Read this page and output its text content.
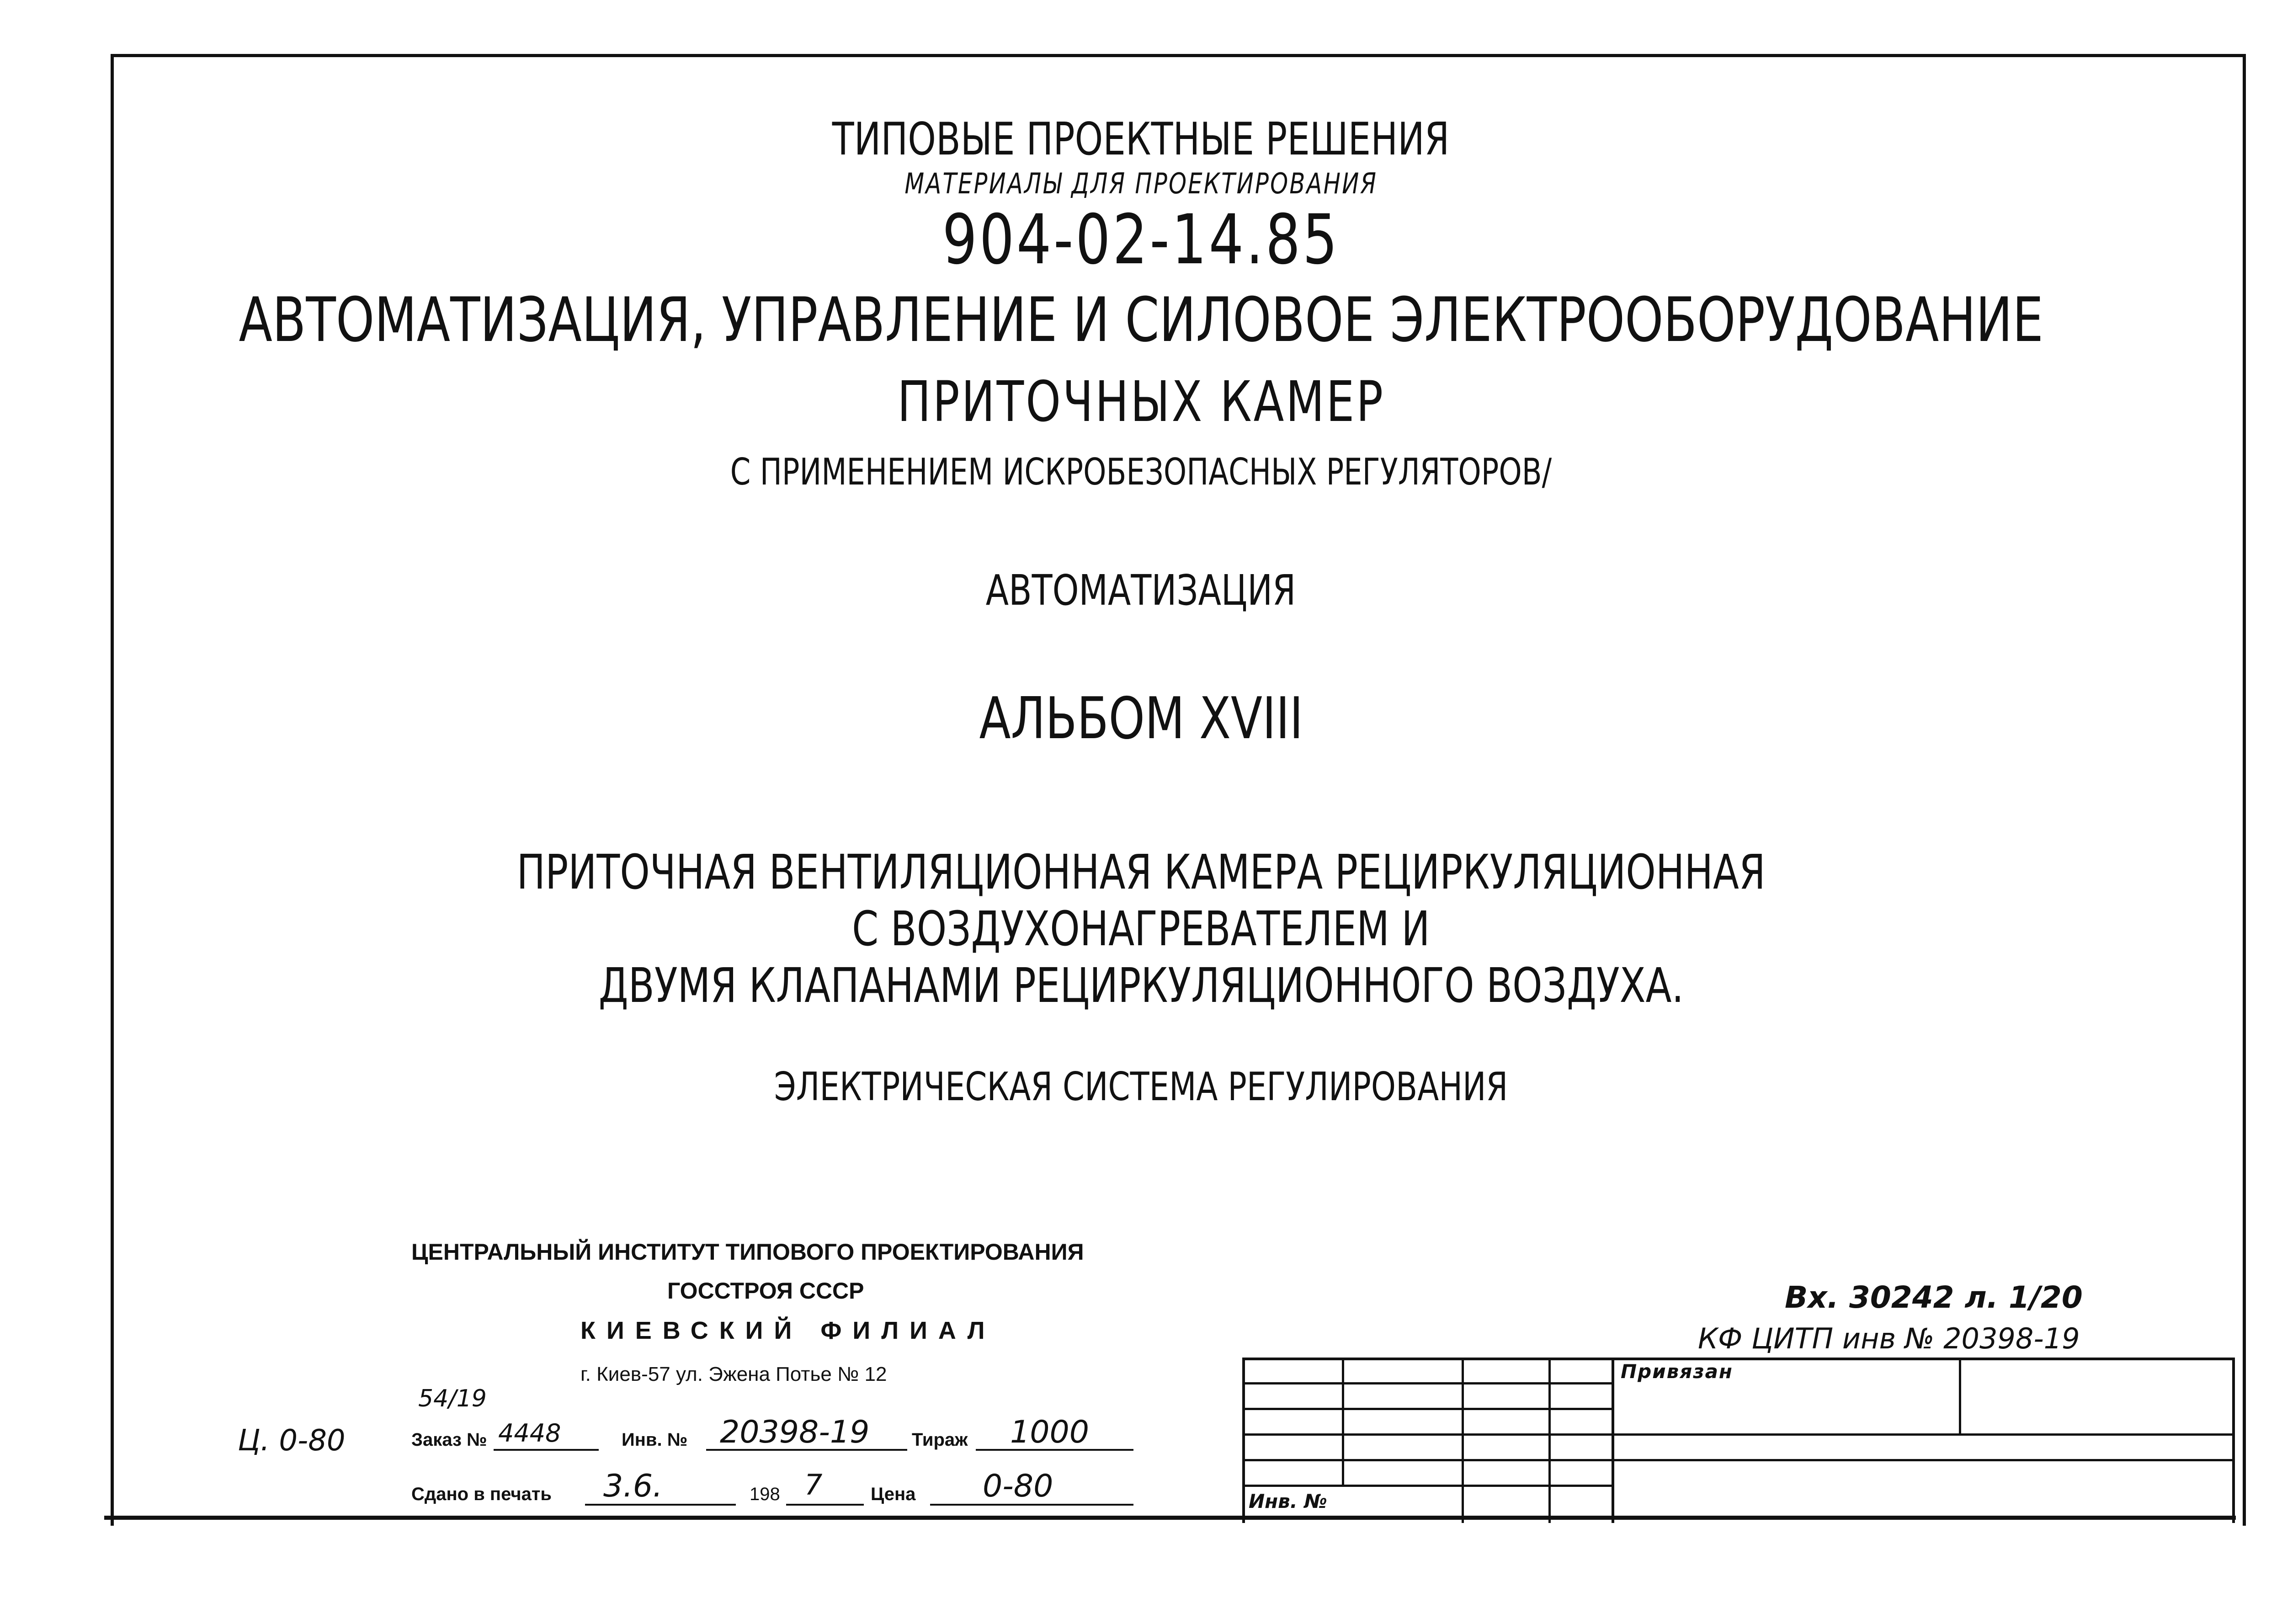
ТИПОВЫЕ ПРОЕКТНЫЕ РЕШЕНИЯ
МАТЕРИАЛЫ ДЛЯ ПРОЕКТИРОВАНИЯ
904-02-14.85
АВТОМАТИЗАЦИЯ, УПРАВЛЕНИЕ И СИЛОВОЕ ЭЛЕКТРООБОРУДОВАНИЕ
ПРИТОЧНЫХ КАМЕР
С ПРИМЕНЕНИЕМ ИСКРОБЕЗОПАСНЫХ РЕГУЛЯТОРОВ/
АВТОМАТИЗАЦИЯ
АЛЬБОМ XVIII
ПРИТОЧНАЯ ВЕНТИЛЯЦИОННАЯ КАМЕРА РЕЦИРКУЛЯЦИОННАЯ
С ВОЗДУХОНАГРЕВАТЕЛЕМ И
ДВУМЯ КЛАПАНАМИ РЕЦИРКУЛЯЦИОННОГО ВОЗДУХА.
ЭЛЕКТРИЧЕСКАЯ СИСТЕМА РЕГУЛИРОВАНИЯ
ЦЕНТРАЛЬНЫЙ ИНСТИТУТ ТИПОВОГО ПРОЕКТИРОВАНИЯ
ГОССТРОЯ СССР
КИЕВСКИЙ ФИЛИАЛ
г. Киев-57 ул. Эжена Потье № 12
Ц. 0-80
54/19
Заказ № 4448	Инв. № 20398-19 Тираж 1000
Сдано в печать 3.6.	198 7	Цена 0-80
Вх. 30242 л. 1/20
КФ ЦИТП инв № 20398-19
Привязан
Инв. №
